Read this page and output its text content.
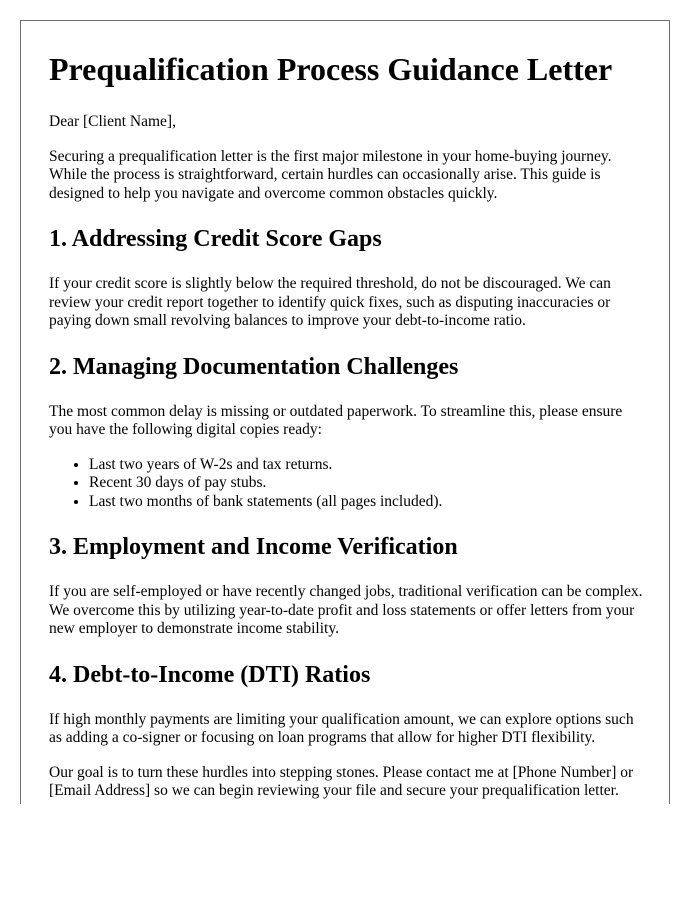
Prequalification Process Guidance Letter

Dear [Client Name],

Securing a prequalification letter is the first major milestone in your home-buying journey. While the process is straightforward, certain hurdles can occasionally arise. This guide is designed to help you navigate and overcome common obstacles quickly.

1. Addressing Credit Score Gaps

If your credit score is slightly below the required threshold, do not be discouraged. We can review your credit report together to identify quick fixes, such as disputing inaccuracies or paying down small revolving balances to improve your debt-to-income ratio.

2. Managing Documentation Challenges

The most common delay is missing or outdated paperwork. To streamline this, please ensure you have the following digital copies ready:

• Last two years of W-2s and tax returns.
• Recent 30 days of pay stubs.
• Last two months of bank statements (all pages included).
3. Employment and Income Verification

If you are self-employed or have recently changed jobs, traditional verification can be complex. We overcome this by utilizing year-to-date profit and loss statements or offer letters from your new employer to demonstrate income stability.

4. Debt-to-Income (DTI) Ratios

If high monthly payments are limiting your qualification amount, we can explore options such as adding a co-signer or focusing on loan programs that allow for higher DTI flexibility.

Our goal is to turn these hurdles into stepping stones. Please contact me at [Phone Number] or [Email Address] so we can begin reviewing your file and secure your prequalification letter.
